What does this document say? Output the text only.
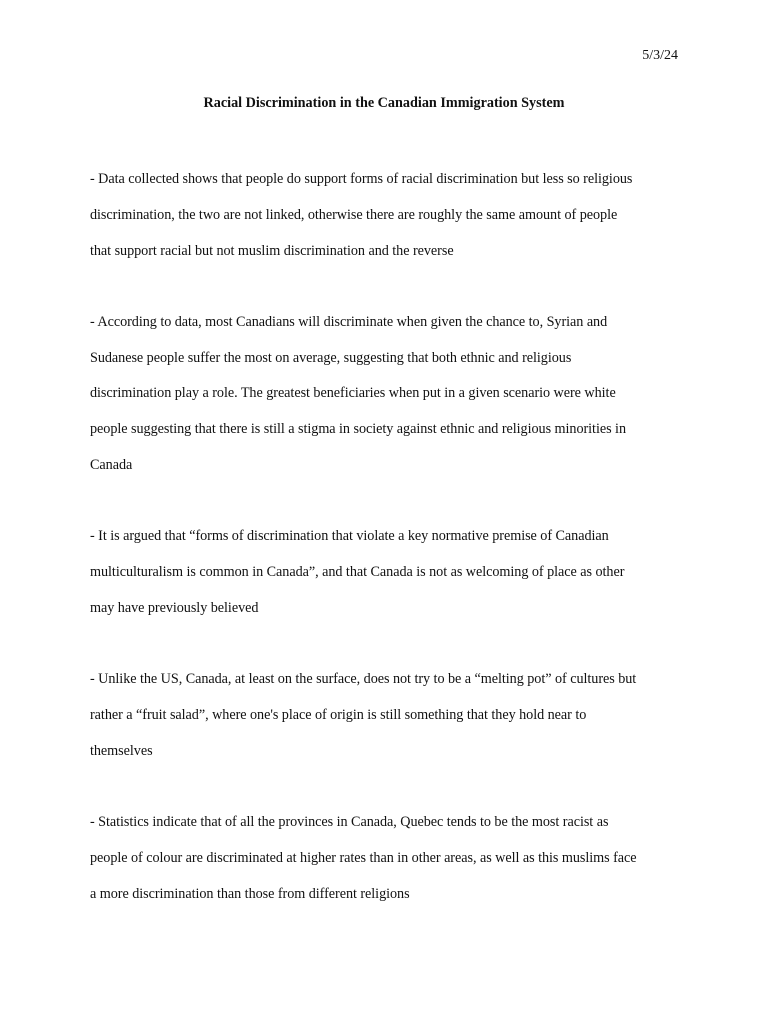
5/3/24
Racial Discrimination in the Canadian Immigration System

- Data collected shows that people do support forms of racial discrimination but less so religious
discrimination, the two are not linked, otherwise there are roughly the same amount of people
that support racial but not muslim discrimination and the reverse

- According to data, most Canadians will discriminate when given the chance to, Syrian and
Sudanese people suffer the most on average, suggesting that both ethnic and religious
discrimination play a role. The greatest beneficiaries when put in a given scenario were white
people suggesting that there is still a stigma in society against ethnic and religious minorities in
Canada

- It is argued that “forms of discrimination that violate a key normative premise of Canadian
multiculturalism is common in Canada”, and that Canada is not as welcoming of place as other
may have previously believed

- Unlike the US, Canada, at least on the surface, does not try to be a “melting pot” of cultures but
rather a “fruit salad”, where one's place of origin is still something that they hold near to
themselves

- Statistics indicate that of all the provinces in Canada, Quebec tends to be the most racist as
people of colour are discriminated at higher rates than in other areas, as well as this muslims face
a more discrimination than those from different religions
